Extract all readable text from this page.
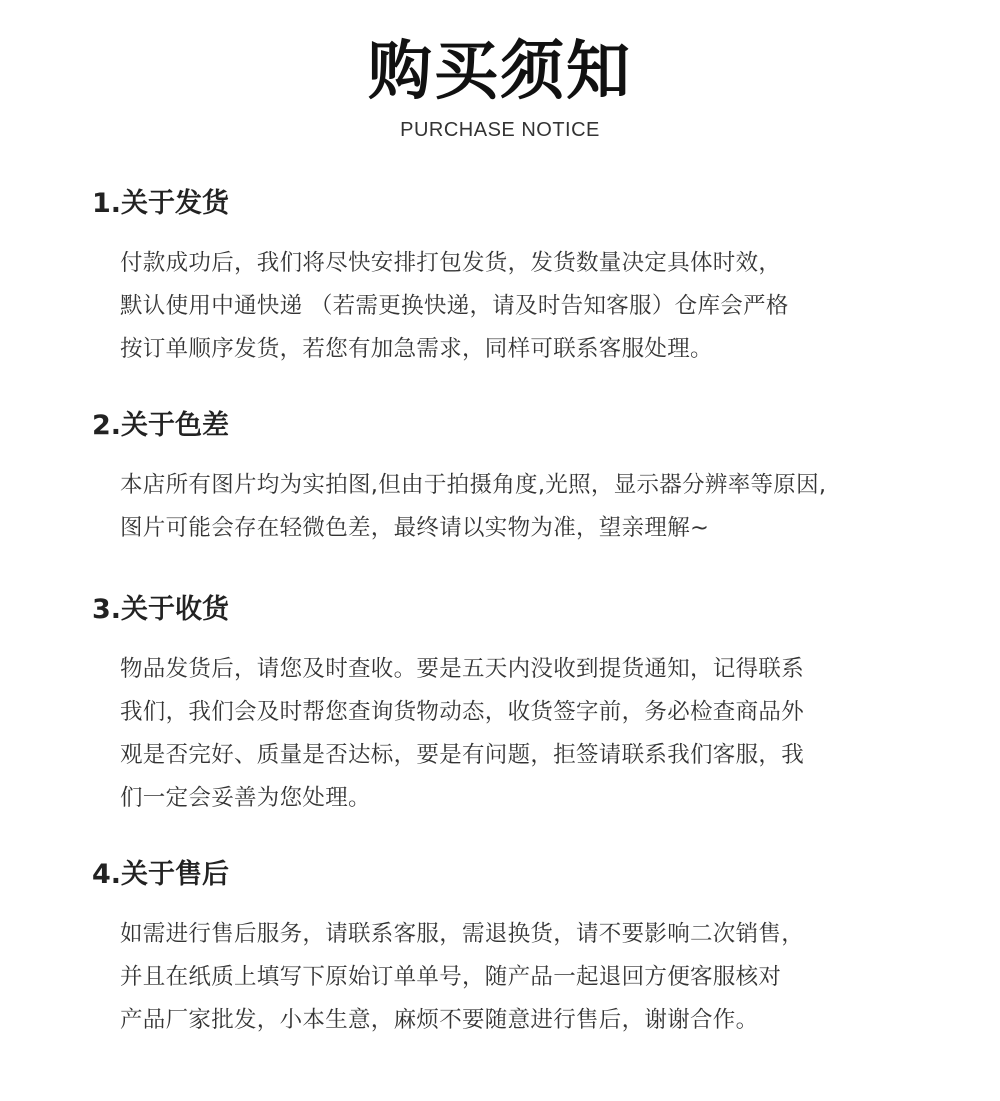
购买须知
PURCHASE NOTICE
1.关于发货
付款成功后，我们将尽快安排打包发货，发货数量决定具体时效，
默认使用中通快递 （若需更换快递，请及时告知客服）仓库会严格
按订单顺序发货，若您有加急需求，同样可联系客服处理。
2.关于色差
本店所有图片均为实拍图,但由于拍摄角度,光照，显示器分辨率等原因,
图片可能会存在轻微色差，最终请以实物为准，望亲理解~
3.关于收货
物品发货后，请您及时查收。要是五天内没收到提货通知，记得联系
我们，我们会及时帮您查询货物动态，收货签字前，务必检查商品外
观是否完好、质量是否达标，要是有问题，拒签请联系我们客服，我
们一定会妥善为您处理。
4.关于售后
如需进行售后服务，请联系客服，需退换货，请不要影响二次销售，
并且在纸质上填写下原始订单单号，随产品一起退回方便客服核对
产品厂家批发，小本生意，麻烦不要随意进行售后，谢谢合作。
